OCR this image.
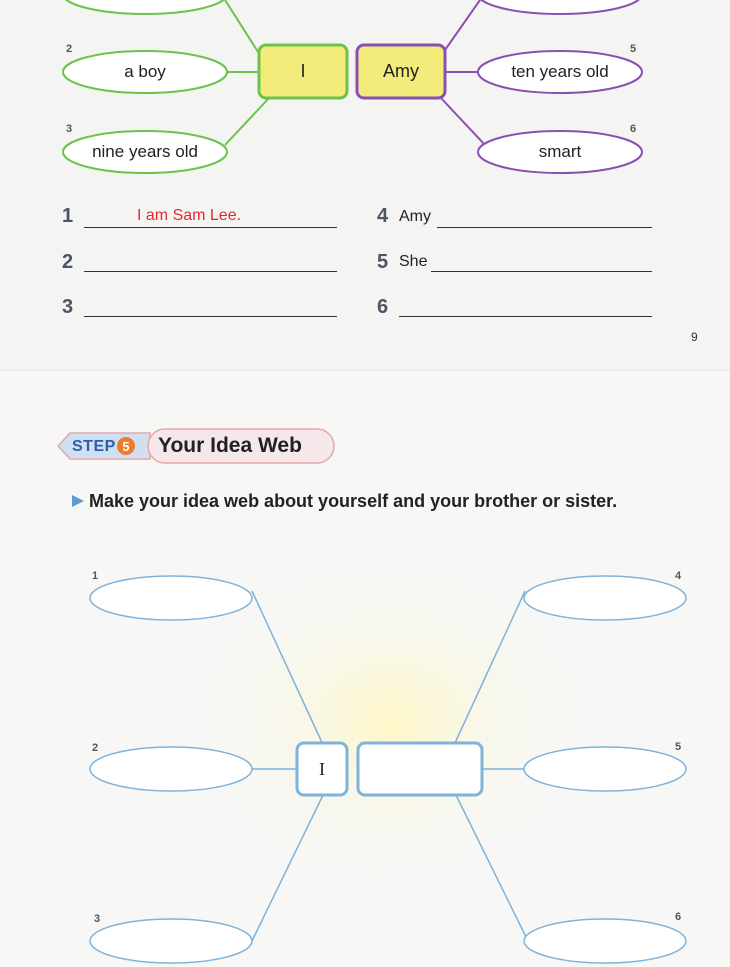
2
3
5
6
a boy
nine years old
ten years old
smart
I	Amy
1	I am Sam Lee.
2
3
4 Amy
5 She
6
9
STEP 5 Your Idea Web
Make your idea web about yourself and your brother or sister.
1
2
3
4
5
6
I
